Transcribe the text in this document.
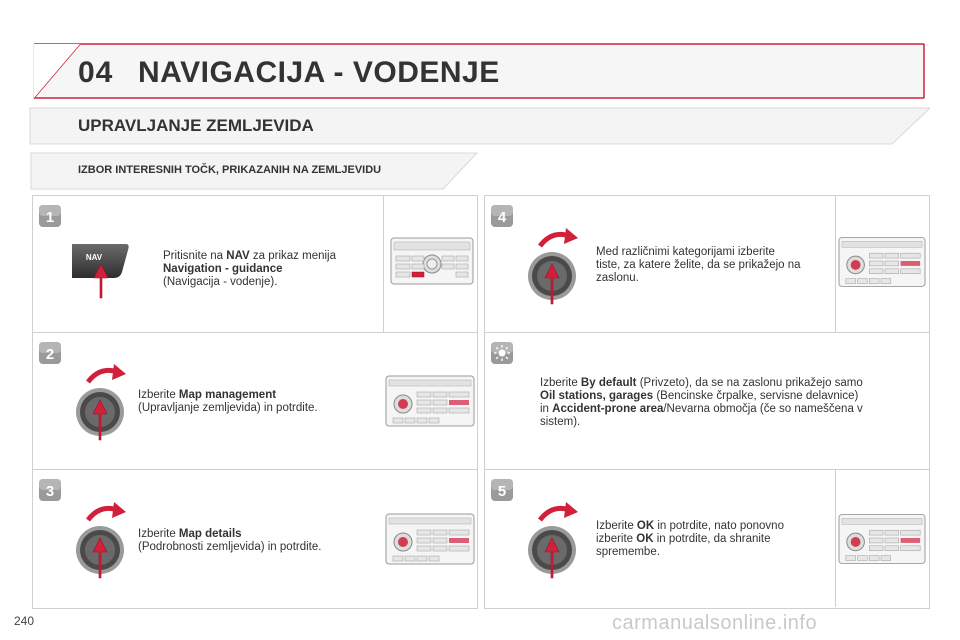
04 NAVIGACIJA - VODENJE
UPRAVLJANJE ZEMLJEVIDA
IZBOR INTERESNIH TOČK, PRIKAZANIH NA ZEMLJEVIDU
1
2
3
4
5
NAV	Pritisnite na NAV za prikaz menija
Navigation - guidance
(Navigacija - vodenje).
Izberite Map management
(Upravljanje zemljevida) in potrdite.
Izberite Map details
(Podrobnosti zemljevida) in potrdite.
Med različnimi kategorijami izberite
tiste, za katere želite, da se prikažejo na
zaslonu.
Izberite By default (Privzeto), da se na zaslonu prikažejo samo
Oil stations, garages (Bencinske črpalke, servisne delavnice)
in Accident-prone area/Nevarna območja (če so nameščena v
sistem).
Izberite OK in potrdite, nato ponovno
izberite OK in potrdite, da shranite
spremembe.
240	carmanualsonline.info
